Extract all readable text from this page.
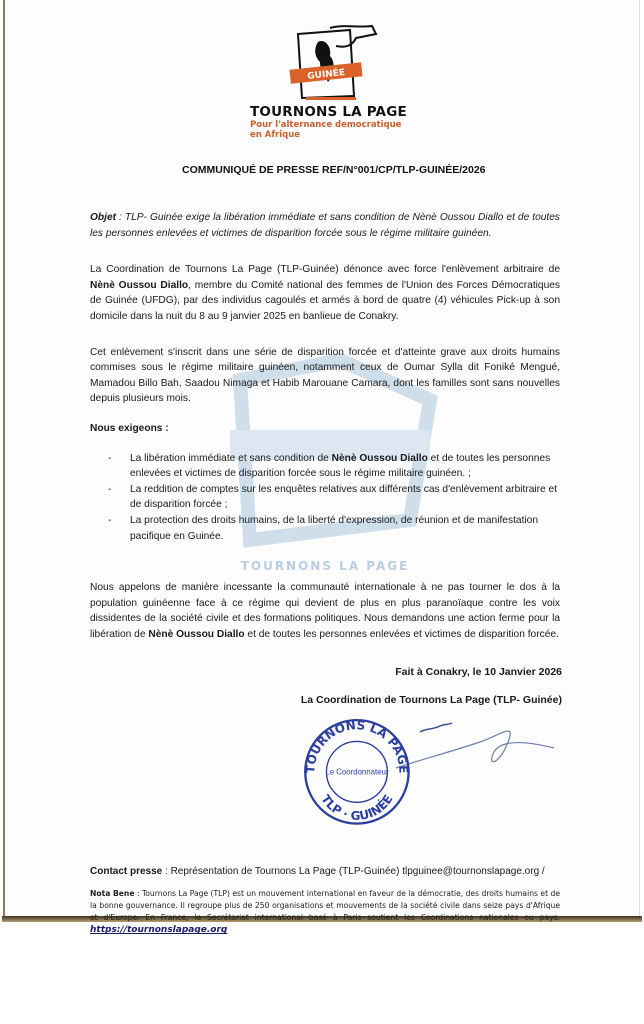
GUINÉE
TOURNONS LA PAGE
Pour l'alternance democratique
en Afrique
COMMUNIQUÉ DE PRESSE REF/N°001/CP/TLP-GUINÉE/2026

Objet : TLP- Guinée exige la libération immédiate et sans condition de Nènè Oussou Diallo et de toutes les personnes enlevées et victimes de disparition forcée sous le régime militaire guinéen.

La Coordination de Tournons La Page (TLP-Guinée) dénonce avec force l'enlèvement arbitraire de Nènè Oussou Diallo, membre du Comité national des femmes de l'Union des Forces Démocratiques de Guinée (UFDG), par des individus cagoulés et armés à bord de quatre (4) véhicules Pick-up à son domicile dans la nuit du 8 au 9 janvier 2025 en banlieue de Conakry.

Cet enlèvement s'inscrit dans une série de disparition forcée et d'atteinte grave aux droits humains commises sous le régime militaire guinéen, notamment ceux de Oumar Sylla dit Foniké Mengué, Mamadou Billo Bah, Saadou Nimaga et Habib Marouane Camara, dont les familles sont sans nouvelles depuis plusieurs mois.

Nous exigeons :

- La libération immédiate et sans condition de Nènè Oussou Diallo et de toutes les personnes enlevées et victimes de disparition forcée sous le régime militaire guinéen. ;
- La reddition de comptes sur les enquêtes relatives aux différents cas d'enlèvement arbitraire et de disparition forcée ;
- La protection des droits humains, de la liberté d'expression, de réunion et de manifestation pacifique en Guinée.
TOURNONS LA PAGE

Nous appelons de manière incessante la communauté internationale à ne pas tourner le dos à la population guinéenne face à ce régime qui devient de plus en plus paranoïaque contre les voix dissidentes de la société civile et des formations politiques. Nous demandons une action ferme pour la libération de Nènè Oussou Diallo et de toutes les personnes enlevées et victimes de disparition forcée.

Fait à Conakry, le 10 Janvier 2026
La Coordination de Tournons La Page (TLP- Guinée)
TOURNONS LA PAGE
TLP · GUINÉE
Le Coordonnateur
Contact presse : Représentation de Tournons La Page (TLP-Guinée) tlpguinee@tournonslapage.org /
Nota Bene : Tournons La Page (TLP) est un mouvement international en faveur de la démocratie, des droits humains et de la bonne gouvernance. Il regroupe plus de 250 organisations et mouvements de la société civile dans seize pays d'Afrique et d'Europe. En France, le Secrétariat international basé à Paris soutient les Coordinations nationales ou pays. https://tournonslapage.org
